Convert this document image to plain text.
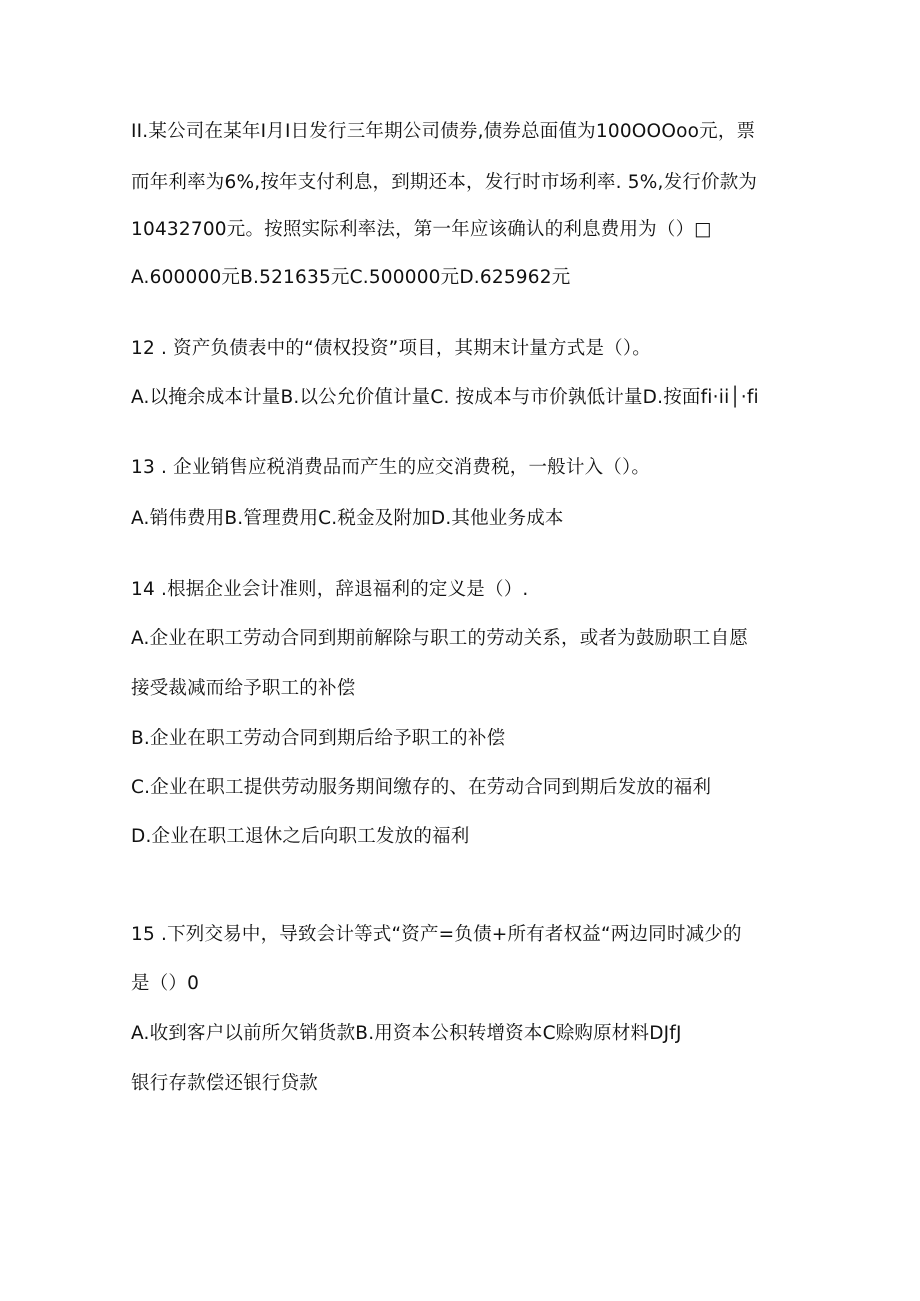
II.某公司在某年I月I日发行三年期公司债券,债券总面值为100OOOoo元，票
而年利率为6%,按年支付利息，到期还本，发行时市场利率. 5%,发行价款为
10432700元。按照实际利率法，第一年应该确认的利息费用为（）□
A.600000元B.521635元C.500000元D.625962元
12 . 资产负债表中的“债权投资”项目，其期末计量方式是（）。
A.以掩余成本计量B.以公允价值计量C. 按成本与市价孰低计量D.按面fi·ii│·fi
13 . 企业销售应税消费品而产生的应交消费税，一般计入（）。
A.销伟费用B.管理费用C.税金及附加D.其他业务成本
14 .根据企业会计准则，辞退福利的定义是（）.
A.企业在职工劳动合同到期前解除与职工的劳动关系，或者为鼓励职工自愿
接受裁减而给予职工的补偿
B.企业在职工劳动合同到期后给予职工的补偿
C.企业在职工提供劳动服务期间缴存的、在劳动合同到期后发放的福利
D.企业在职工退休之后向职工发放的福利
15 .下列交易中，导致会计等式“资产=负债+所有者权益“两边同时减少的
是（）0
A.收到客户以前所欠销货款B.用资本公积转增资本C赊购原材料DJfJ
银行存款偿还银行贷款
